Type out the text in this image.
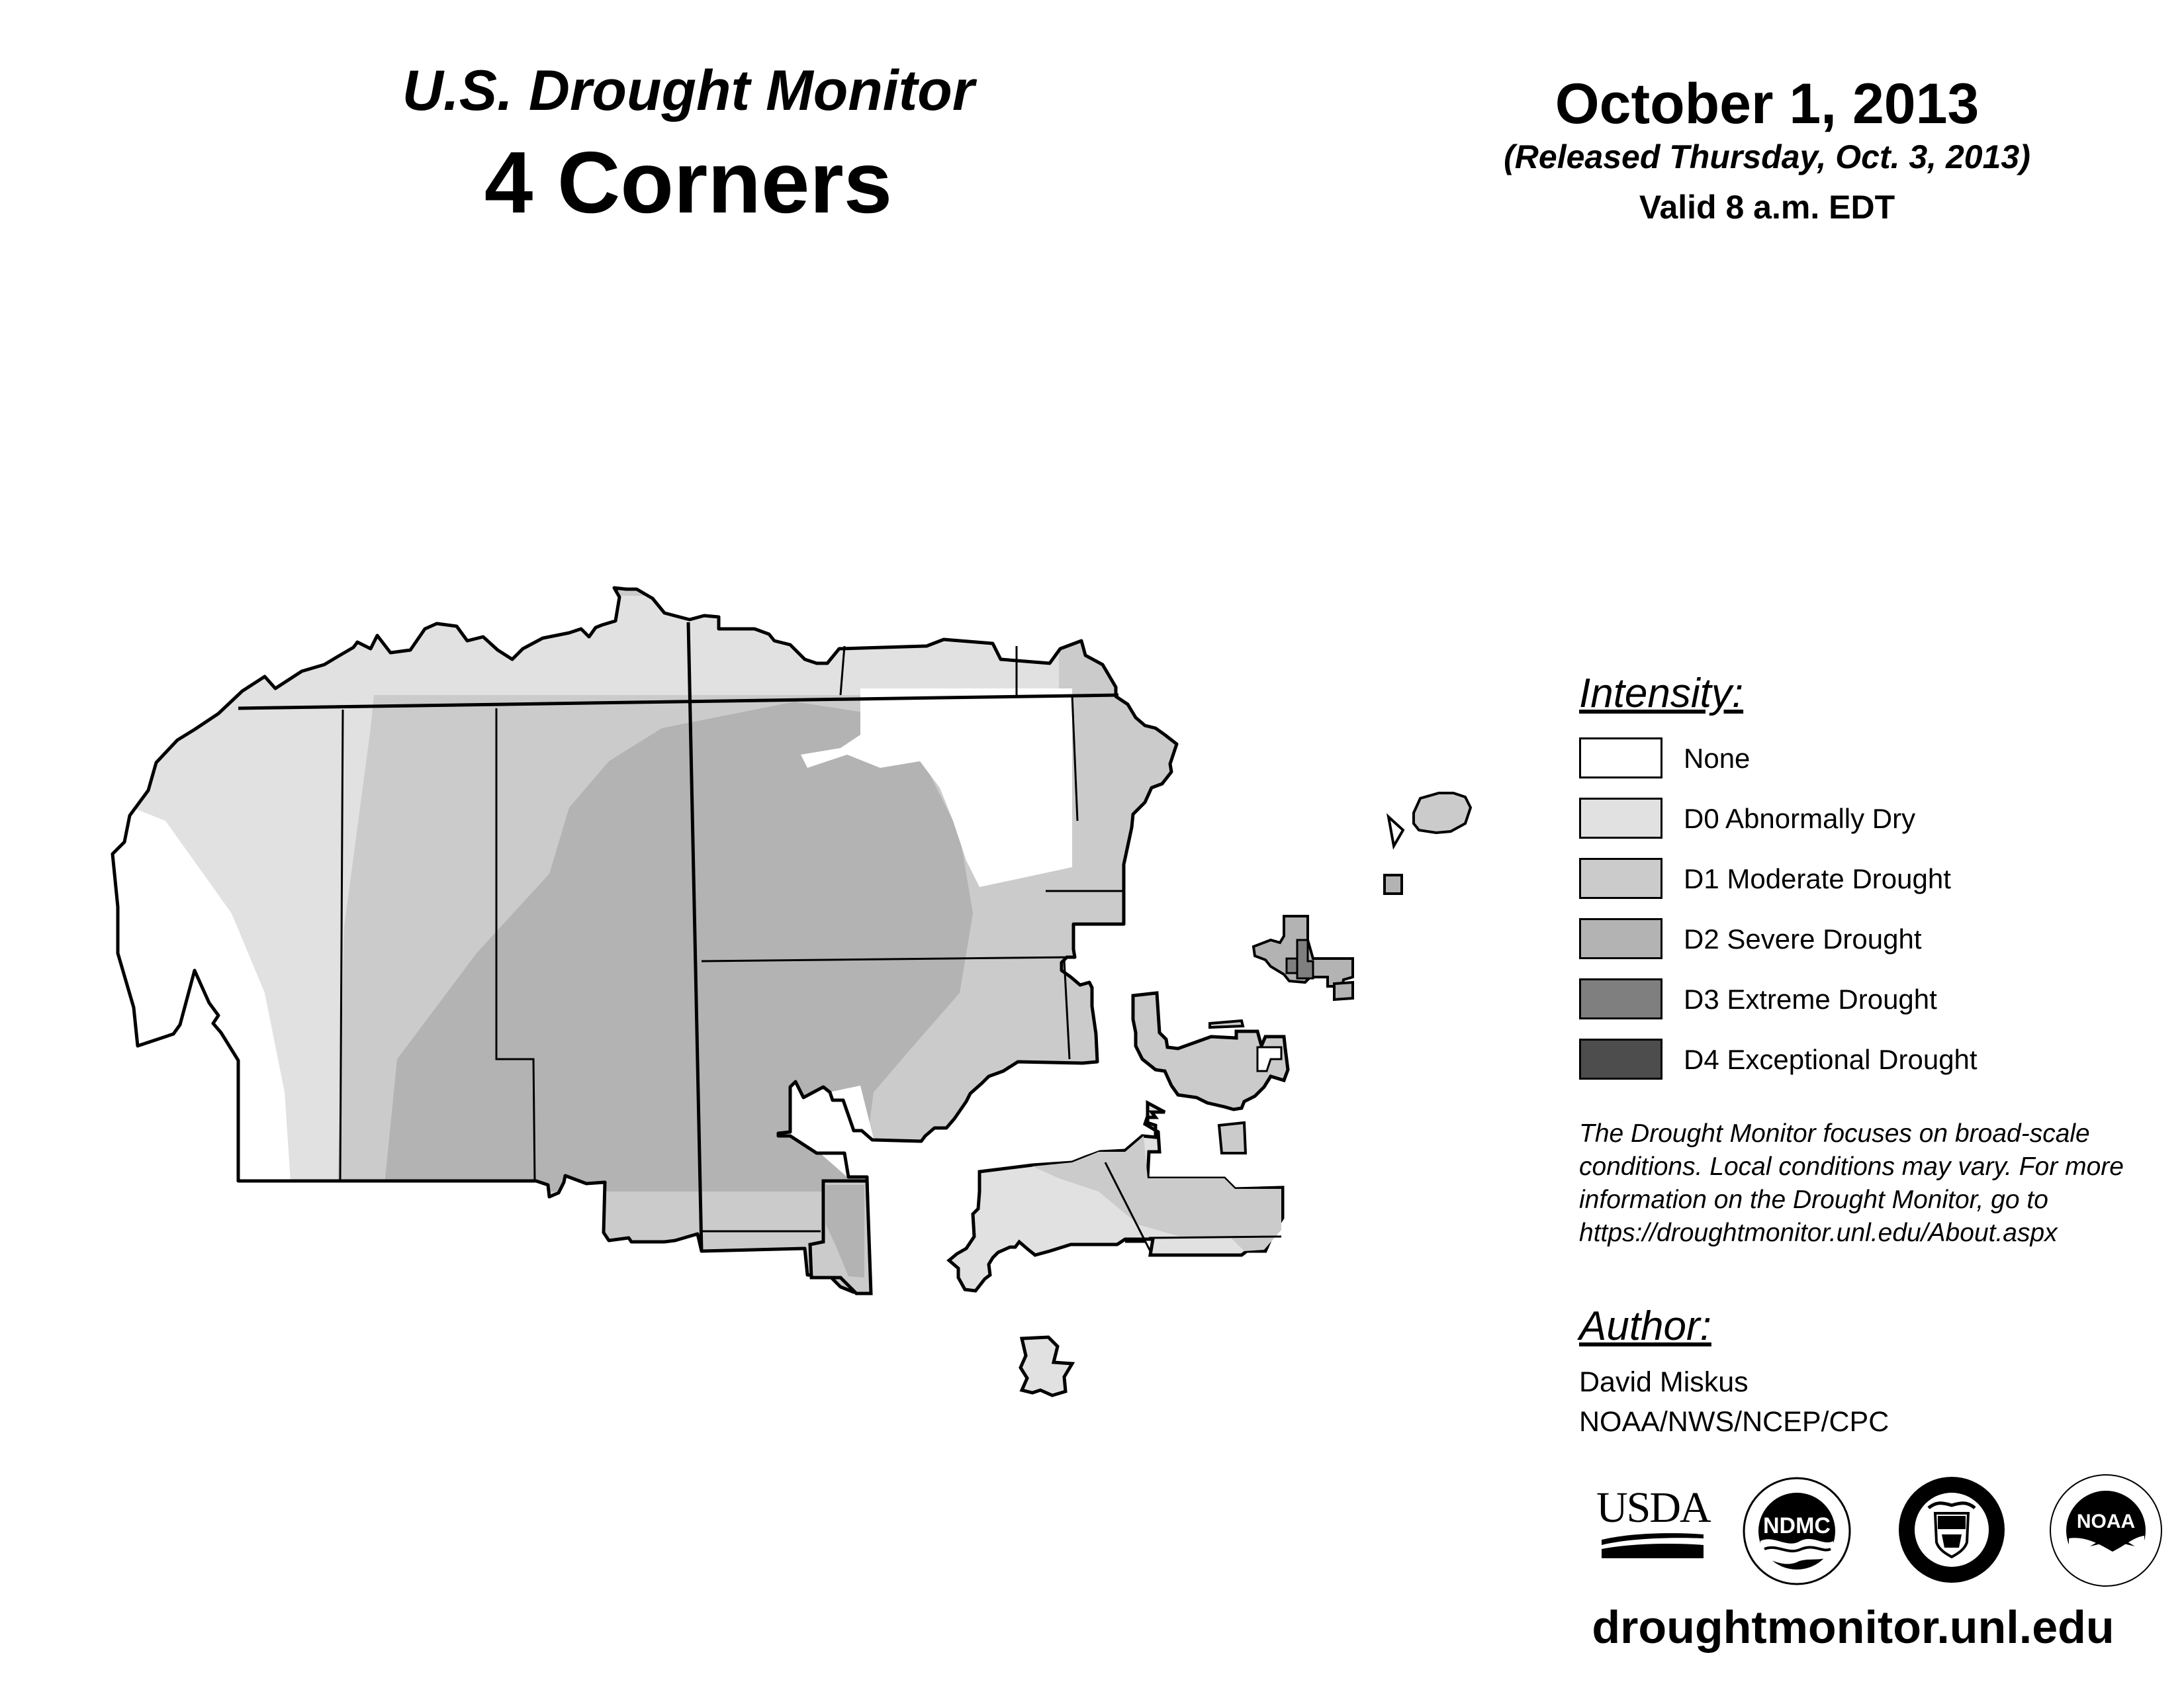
U.S. Drought Monitor
4 Corners
October 1, 2013
(Released Thursday, Oct. 3, 2013)
Valid 8 a.m. EDT
Intensity:
None
D0 Abnormally Dry
D1 Moderate Drought
D2 Severe Drought
D3 Extreme Drought
D4 Exceptional Drought
The Drought Monitor focuses on broad-scale conditions. Local conditions may vary. For more information on the Drought Monitor, go to https://droughtmonitor.unl.edu/About.aspx
Author:
David Miskus
NOAA/NWS/NCEP/CPC
USDA NDMC	NOAA
droughtmonitor.unl.edu
